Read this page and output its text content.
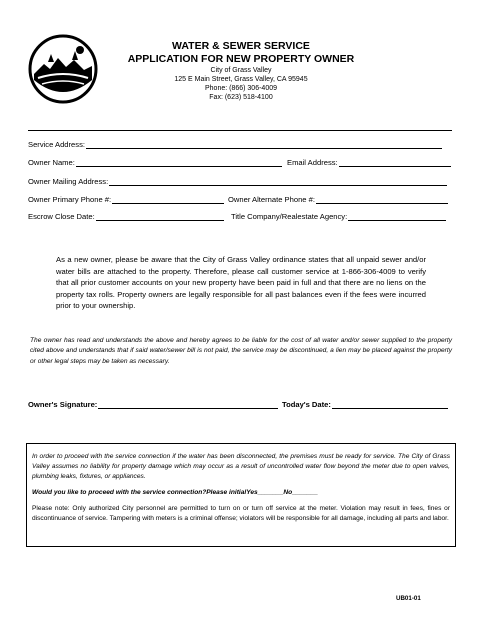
WATER & SEWER SERVICE
APPLICATION FOR NEW PROPERTY OWNER
City of Grass Valley
125 E Main Street, Grass Valley, CA 95945
Phone: (866) 306-4009
Fax: (623) 518-4100
Service Address:
Owner Name:	Email Address:
Owner Mailing Address:
Owner Primary Phone #:	Owner Alternate Phone #:
Escrow Close Date:	Title Company/Realestate Agency:
As a new owner, please be aware that the City of Grass Valley ordinance states that all unpaid sewer and/or water bills are attached to the property. Therefore, please call customer service at 1-866-306-4009 to verify that all prior customer accounts on your new property have been paid in full and that there are no liens on the property tax rolls. Property owners are legally responsible for all past balances even if the fees were incurred prior to your ownership.
The owner has read and understands the above and hereby agrees to be liable for the cost of all water and/or sewer supplied to the property cited above and understands that if said water/sewer bill is not paid, the service may be discontinued, a lien may be placed against the property or other legal steps may be taken as necessary.
Owner's Signature:	Today's Date:

In order to proceed with the service connection if the water has been disconnected, the premises must be ready for service. The City of Grass Valley assumes no liability for property damage which may occur as a result of uncontrolled water flow beyond the meter due to open valves, plumbing leaks, fixtures, or appliances.

Would you like to proceed with the service connection? Please initial Yes_______ No_______

Please note: Only authorized City personnel are permitted to turn on or turn off service at the meter. Violation may result in fees, fines or discontinuance of service. Tampering with meters is a criminal offense; violators will be responsible for all damage, including all parts and labor.

UB01-01
